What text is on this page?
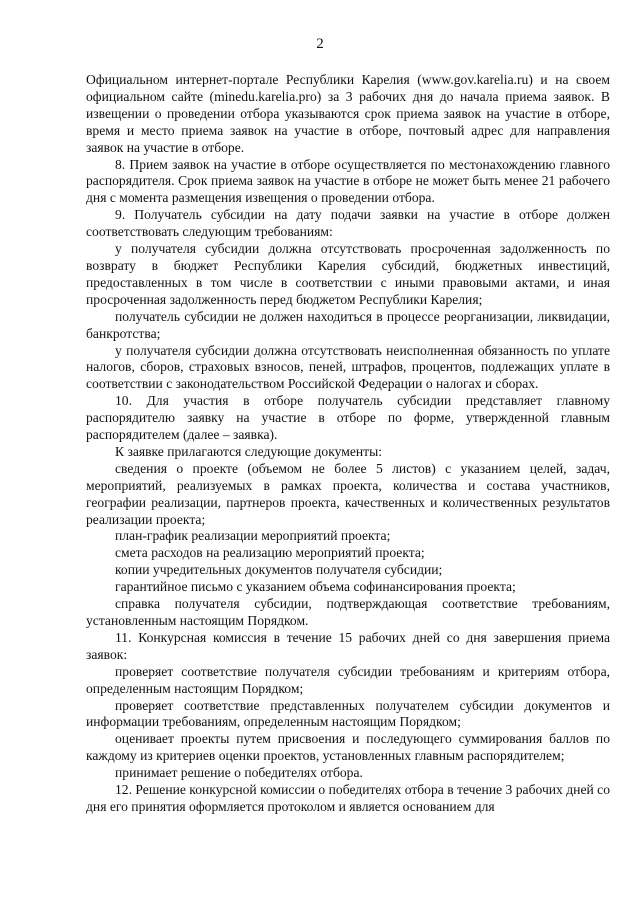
2

Официальном интернет-портале Республики Карелия (www.gov.karelia.ru) и на своем официальном сайте (minedu.karelia.pro) за 3 рабочих дня до начала приема заявок. В извещении о проведении отбора указываются срок приема заявок на участие в отборе, время и место приема заявок на участие в отборе, почтовый адрес для направления заявок на участие в отборе.

8. Прием заявок на участие в отборе осуществляется по местонахождению главного распорядителя. Срок приема заявок на участие в отборе не может быть менее 21 рабочего дня с момента размещения извещения о проведении отбора.

9. Получатель субсидии на дату подачи заявки на участие в отборе должен соответствовать следующим требованиям:

у получателя субсидии должна отсутствовать просроченная задолженность по возврату в бюджет Республики Карелия субсидий, бюджетных инвестиций, предоставленных в том числе в соответствии с иными правовыми актами, и иная просроченная задолженность перед бюджетом Республики Карелия;

получатель субсидии не должен находиться в процессе реорганизации, ликвидации, банкротства;

у получателя субсидии должна отсутствовать неисполненная обязанность по уплате налогов, сборов, страховых взносов, пеней, штрафов, процентов, подлежащих уплате в соответствии с законодательством Российской Федерации о налогах и сборах.

10. Для участия в отборе получатель субсидии представляет главному распорядителю заявку на участие в отборе по форме, утвержденной главным распорядителем (далее – заявка).

К заявке прилагаются следующие документы:

сведения о проекте (объемом не более 5 листов) с указанием целей, задач, мероприятий, реализуемых в рамках проекта, количества и состава участников, географии реализации, партнеров проекта, качественных и количественных результатов реализации проекта;

план-график реализации мероприятий проекта;

смета расходов на реализацию мероприятий проекта;

копии учредительных документов получателя субсидии;

гарантийное письмо с указанием объема софинансирования проекта;

справка получателя субсидии, подтверждающая соответствие требованиям, установленным настоящим Порядком.

11. Конкурсная комиссия в течение 15 рабочих дней со дня завершения приема заявок:

проверяет соответствие получателя субсидии требованиям и критериям отбора, определенным настоящим Порядком;

проверяет соответствие представленных получателем субсидии документов и информации требованиям, определенным настоящим Порядком;

оценивает проекты путем присвоения и последующего суммирования баллов по каждому из критериев оценки проектов, установленных главным распорядителем;

принимает решение о победителях отбора.

12. Решение конкурсной комиссии о победителях отбора в течение 3 рабочих дней со дня его принятия оформляется протоколом и является основанием для
